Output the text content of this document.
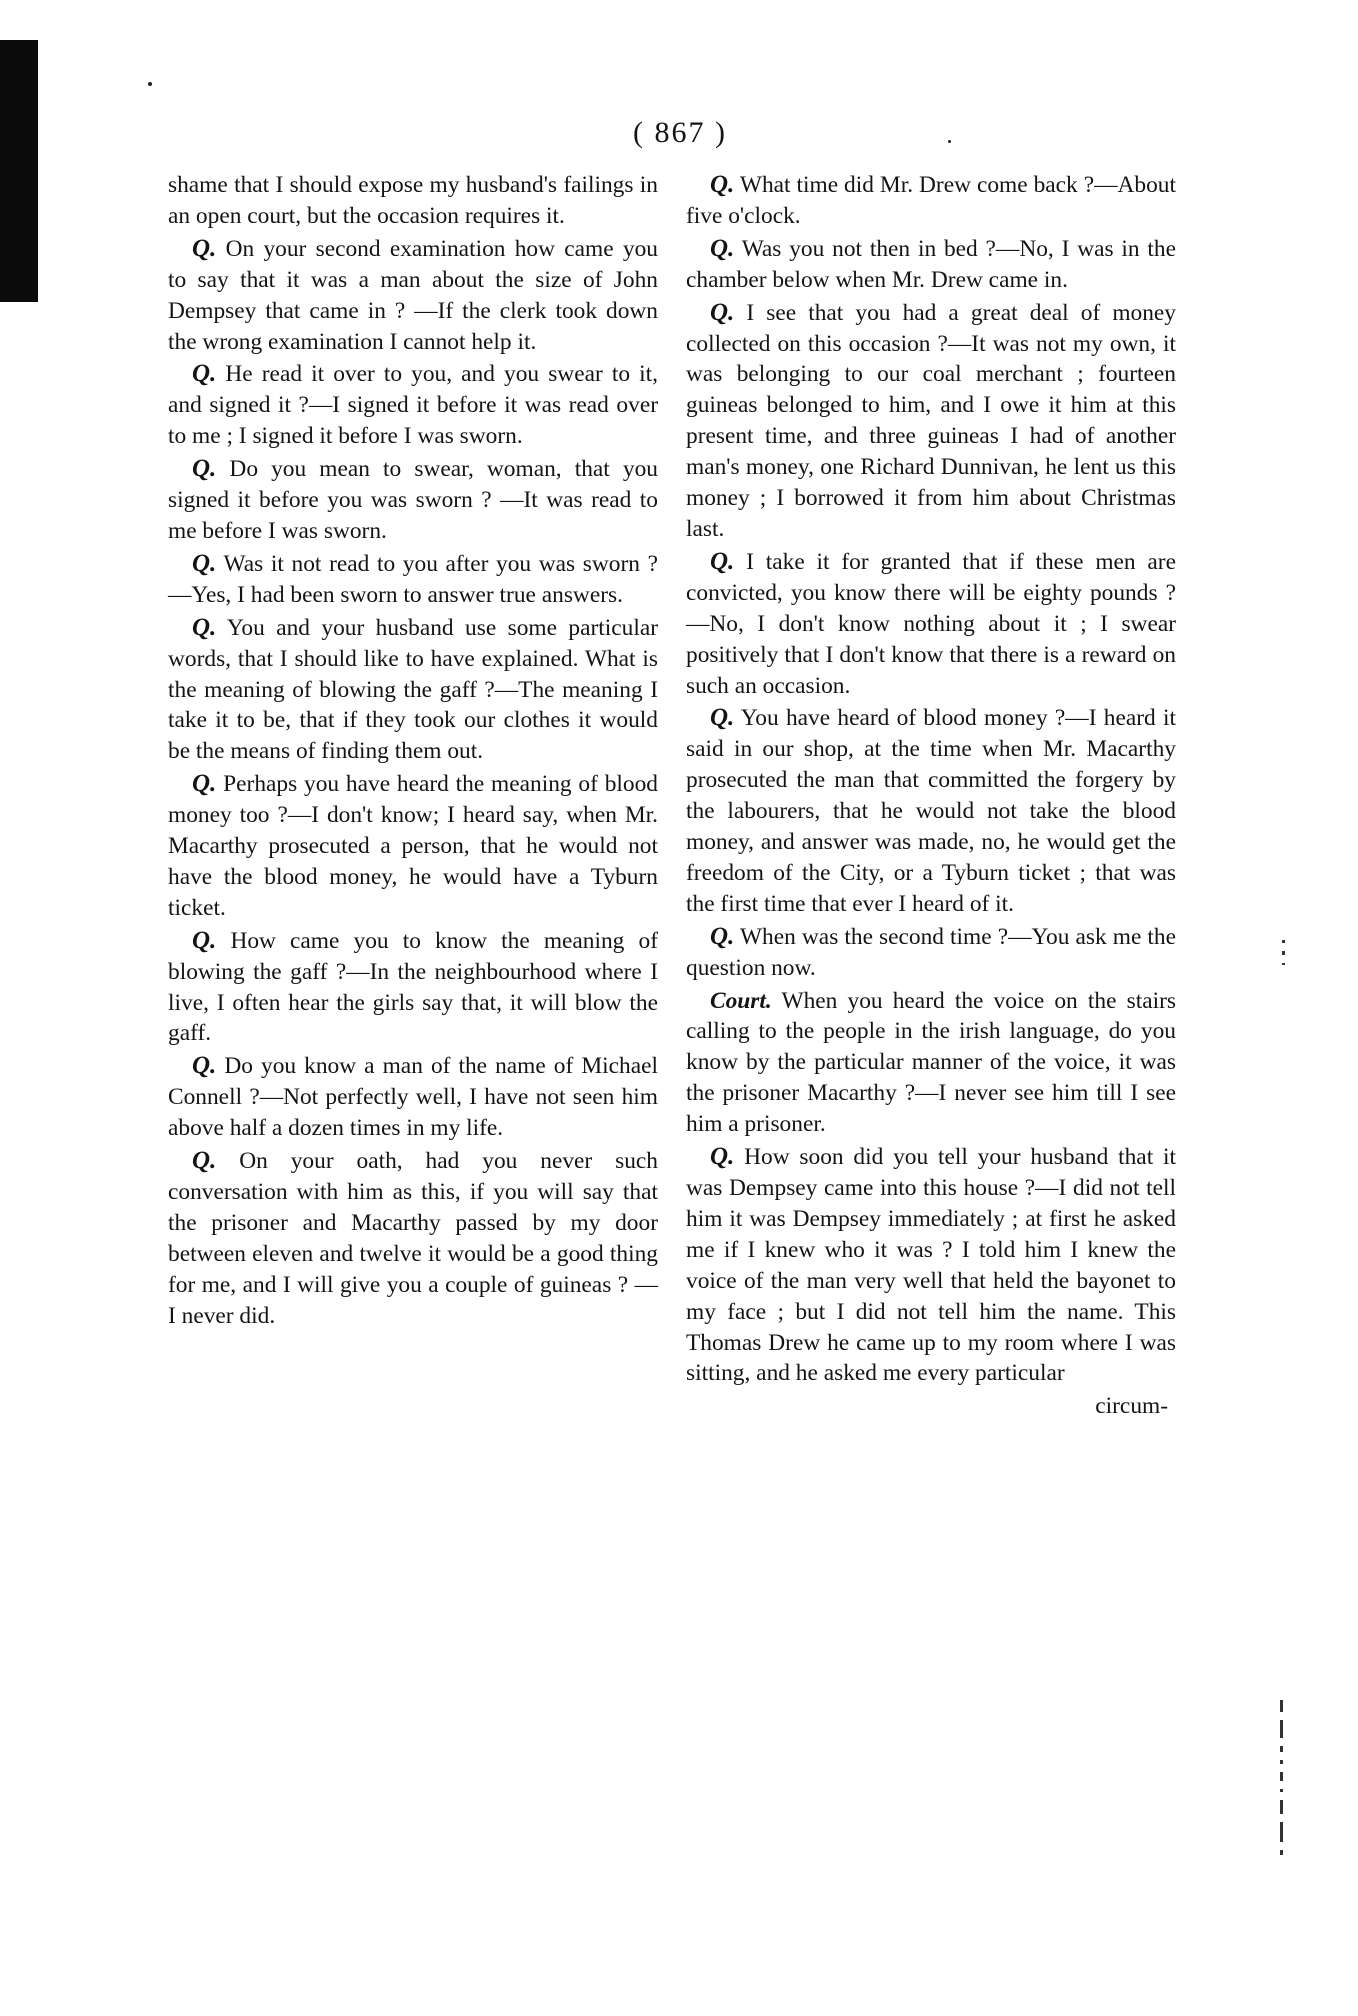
( 867 )

shame that I should expose my husband's failings in an open court, but the occasion requires it.

Q. On your second examination how came you to say that it was a man about the size of John Dempsey that came in ? —If the clerk took down the wrong examination I cannot help it.

Q. He read it over to you, and you swear to it, and signed it ?—I signed it before it was read over to me ; I signed it before I was sworn.

Q. Do you mean to swear, woman, that you signed it before you was sworn ? —It was read to me before I was sworn.

Q. Was it not read to you after you was sworn ?—Yes, I had been sworn to answer true answers.

Q. You and your husband use some particular words, that I should like to have explained. What is the meaning of blowing the gaff ?—The meaning I take it to be, that if they took our clothes it would be the means of finding them out.

Q. Perhaps you have heard the meaning of blood money too ?—I don't know; I heard say, when Mr. Macarthy prosecuted a person, that he would not have the blood money, he would have a Tyburn ticket.

Q. How came you to know the meaning of blowing the gaff ?—In the neighbourhood where I live, I often hear the girls say that, it will blow the gaff.

Q. Do you know a man of the name of Michael Connell ?—Not perfectly well, I have not seen him above half a dozen times in my life.

Q. On your oath, had you never such conversation with him as this, if you will say that the prisoner and Macarthy passed by my door between eleven and twelve it would be a good thing for me, and I will give you a couple of guineas ? —I never did.

Q. What time did Mr. Drew come back ?—About five o'clock.

Q. Was you not then in bed ?—No, I was in the chamber below when Mr. Drew came in.

Q. I see that you had a great deal of money collected on this occasion ?—It was not my own, it was belonging to our coal merchant ; fourteen guineas belonged to him, and I owe it him at this present time, and three guineas I had of another man's money, one Richard Dunnivan, he lent us this money ; I borrowed it from him about Christmas last.

Q. I take it for granted that if these men are convicted, you know there will be eighty pounds ?—No, I don't know nothing about it ; I swear positively that I don't know that there is a reward on such an occasion.

Q. You have heard of blood money ?—I heard it said in our shop, at the time when Mr. Macarthy prosecuted the man that committed the forgery by the labourers, that he would not take the blood money, and answer was made, no, he would get the freedom of the City, or a Tyburn ticket ; that was the first time that ever I heard of it.

Q. When was the second time ?—You ask me the question now.

Court. When you heard the voice on the stairs calling to the people in the irish language, do you know by the particular manner of the voice, it was the prisoner Macarthy ?—I never see him till I see him a prisoner.

Q. How soon did you tell your husband that it was Dempsey came into this house ?—I did not tell him it was Dempsey immediately ; at first he asked me if I knew who it was ? I told him I knew the voice of the man very well that held the bayonet to my face ; but I did not tell him the name. This Thomas Drew he came up to my room where I was sitting, and he asked me every particular

circum-
